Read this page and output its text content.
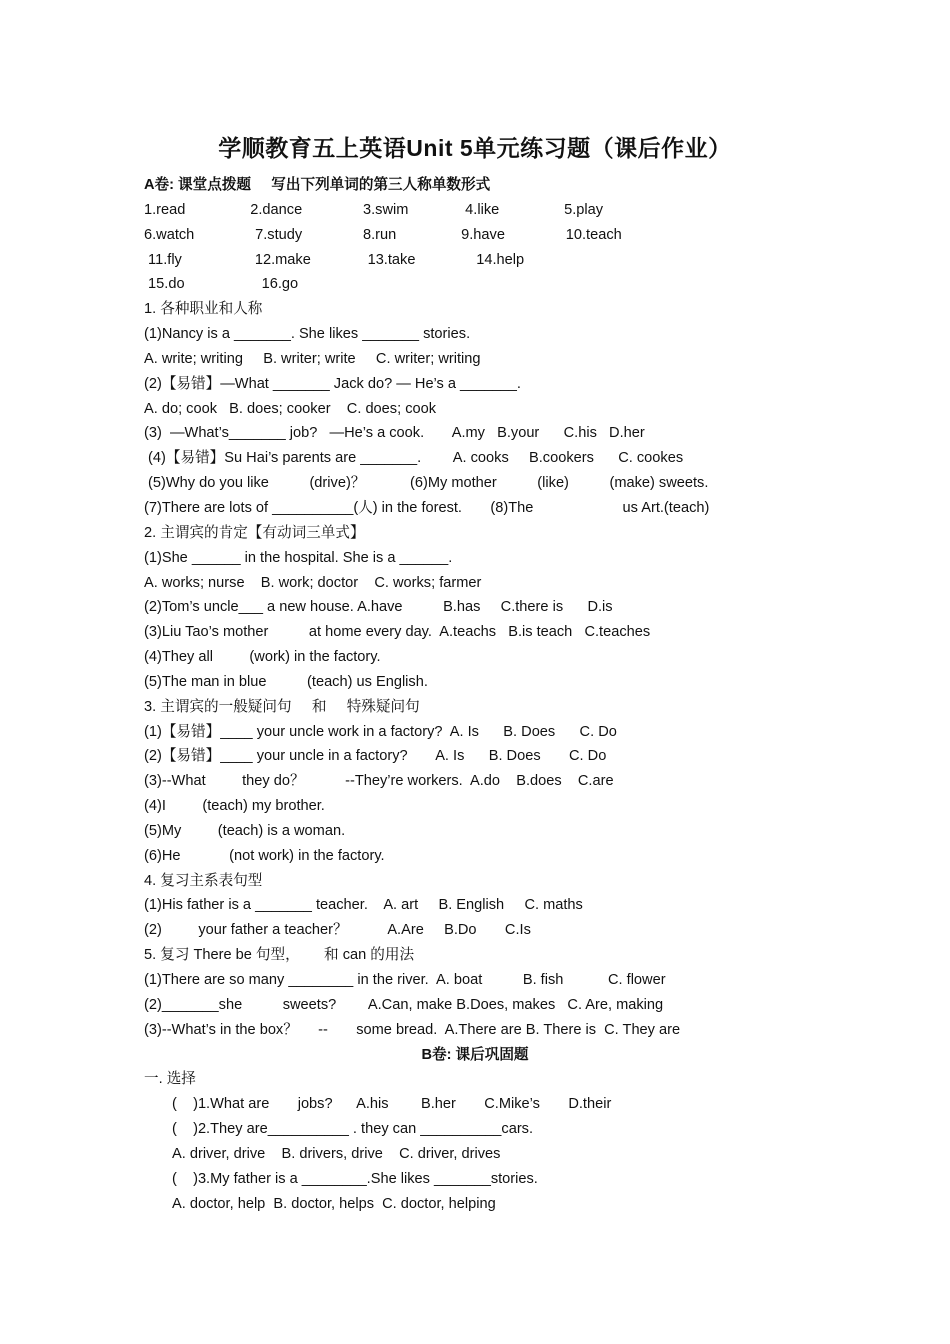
学顺教育五上英语Unit 5单元练习题（课后作业）
A卷: 课堂点拨题     写出下列单词的第三人称单数形式
1.read                2.dance               3.swim              4.like                5.play
6.watch               7.study               8.run                9.have               10.teach
11.fly                  12.make              13.take               14.help
15.do                   16.go
1. 各种职业和人称
(1)Nancy is a _______. She likes _______ stories.
A. write; writing     B. writer; write     C. writer; writing
(2)【易错】—What _______ Jack do? — He’s a _______.
A. do; cook   B. does; cooker    C. does; cook
(3)  —What’s_______ job?   —He’s a cook.       A.my   B.your      C.his   D.her
(4)【易错】Su Hai’s parents are _______.        A. cooks     B.cookers      C. cookes
(5)Why do you like          (drive)？           (6)My mother          (like)          (make) sweets.
(7)There are lots of __________(人) in the forest.       (8)The                      us Art.(teach)
2. 主谓宾的肯定【有动词三单式】
(1)She ______ in the hospital. She is a ______.
A. works; nurse    B. work; doctor    C. works; farmer
(2)Tom’s uncle___ a new house. A.have          B.has     C.there is      D.is
(3)Liu Tao’s mother          at home every day.  A.teachs   B.is teach   C.teaches
(4)They all         (work) in the factory.
(5)The man in blue          (teach) us English.
3. 主谓宾的一般疑问句     和     特殊疑问句
(1)【易错】____ your uncle work in a factory?  A. Is      B. Does      C. Do
(2)【易错】____ your uncle in a factory?       A. Is      B. Does       C. Do
(3)--What         they do？          --They’re workers.  A.do    B.does    C.are
(4)I         (teach) my brother.
(5)My         (teach) is a woman.
(6)He            (not work) in the factory.
4. 复习主系表句型
(1)His father is a _______ teacher.    A. art     B. English     C. maths
(2)         your father a teacher？          A.Are     B.Do       C.Is
5. 复习 There be 句型，      和 can 的用法
(1)There are so many ________ in the river.  A. boat          B. fish           C. flower
(2)_______she          sweets?        A.Can, make B.Does, makes   C. Are, making
(3)--What’s in the box？     --       some bread.  A.There are B. There is  C. They are
B卷: 课后巩固题
一. 选择
(    )1.What are       jobs?      A.his        B.her       C.Mike’s       D.their
(    )2.They are__________ . they can __________cars.
A. driver, drive    B. drivers, drive    C. driver, drives
(    )3.My father is a ________.She likes _______stories.
A. doctor, help  B. doctor, helps  C. doctor, helping
